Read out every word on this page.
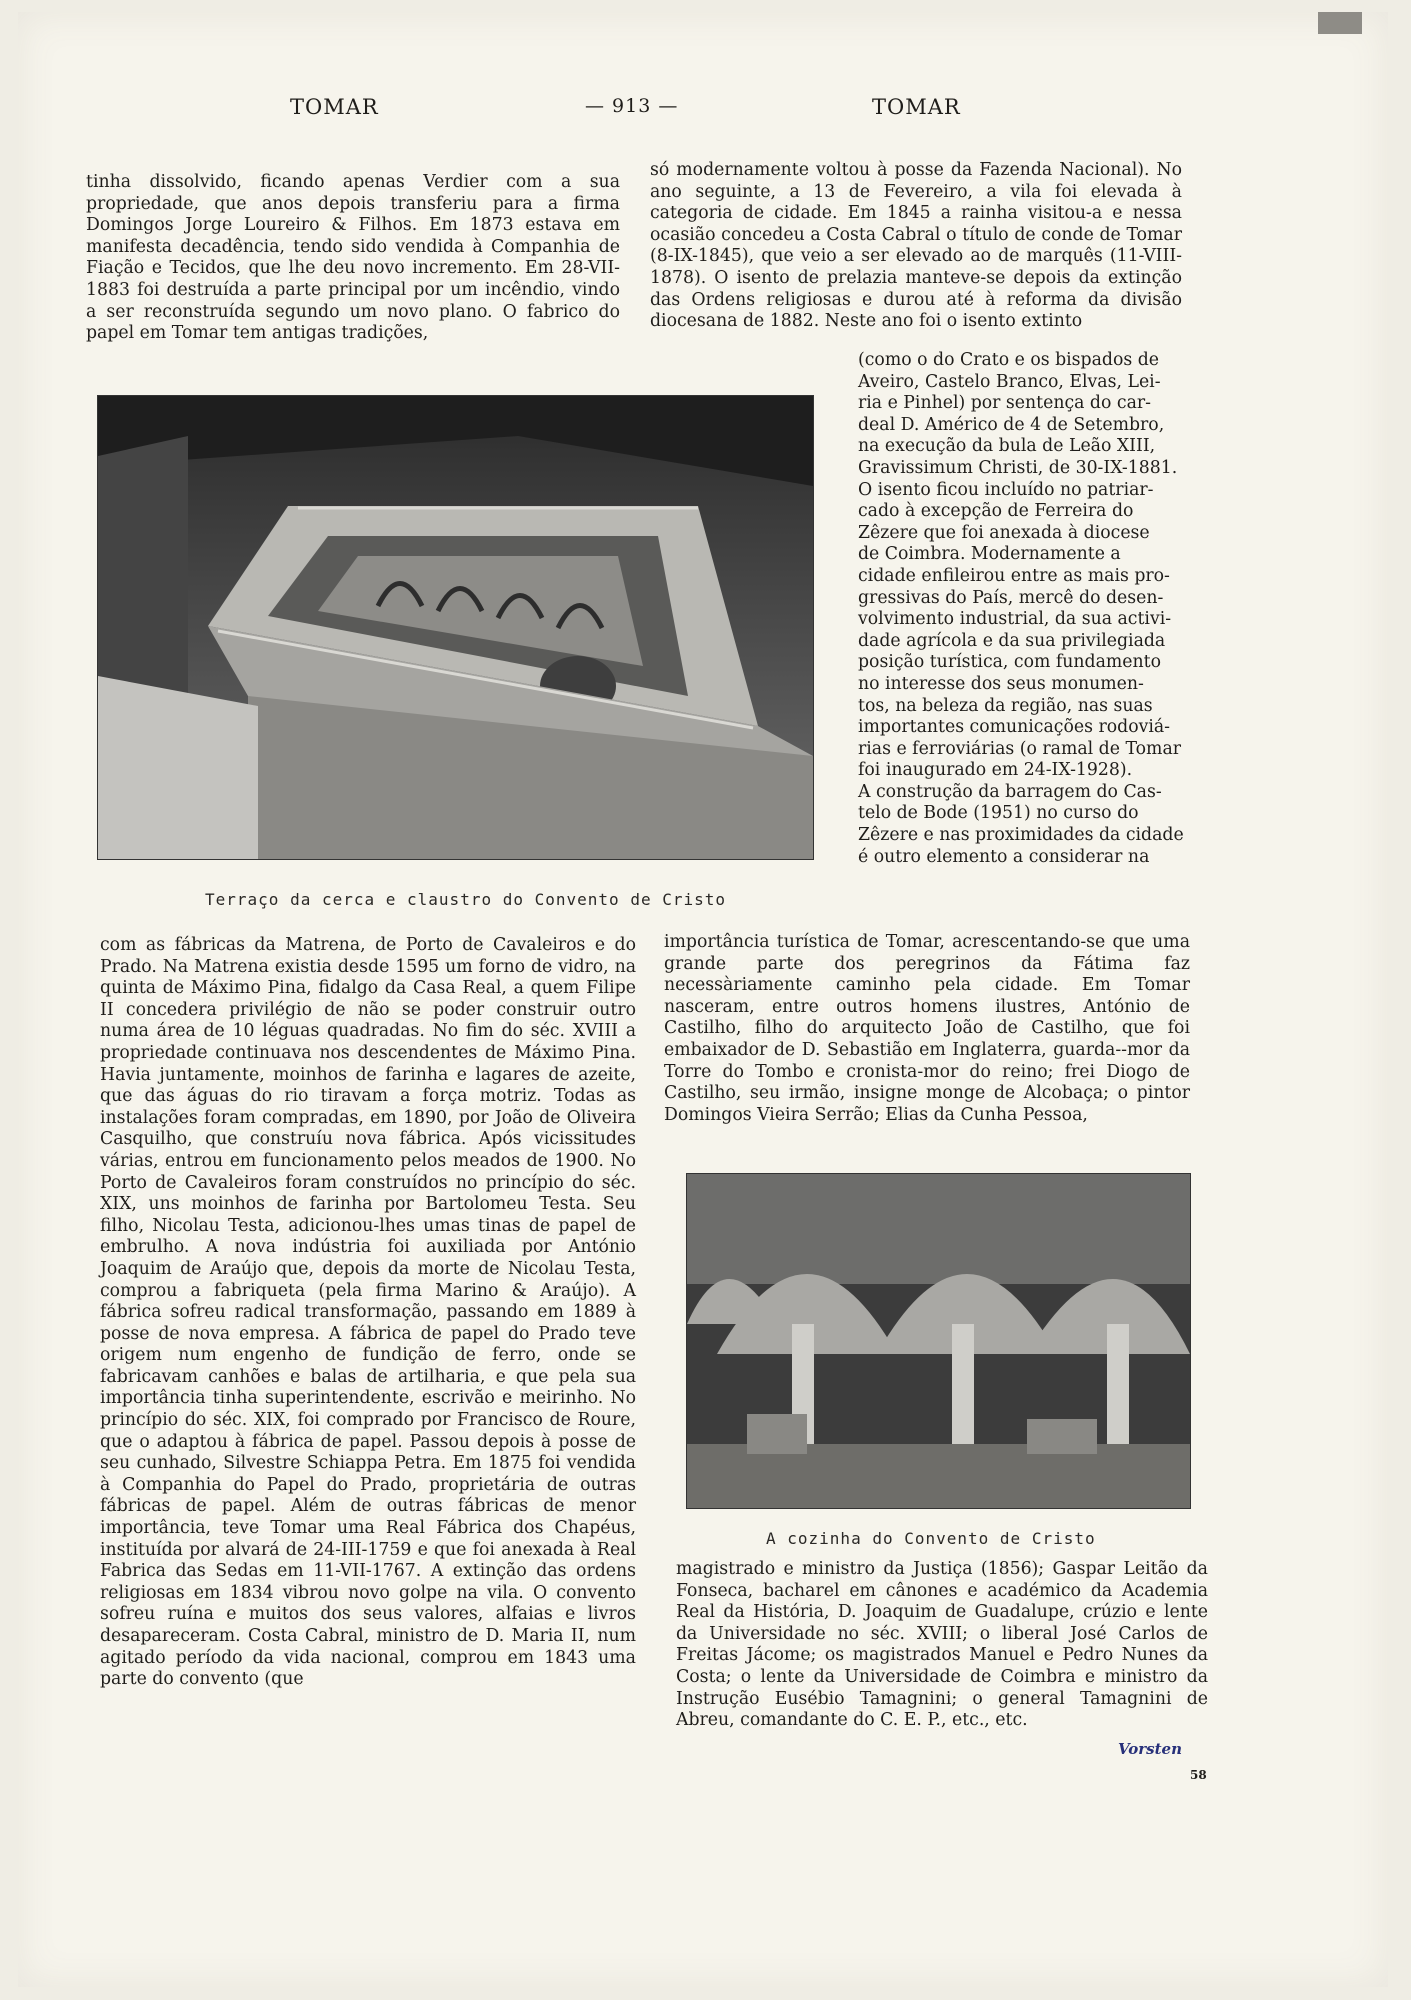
TOMAR	— 913 —	TOMAR

tinha dissolvido, ficando apenas Verdier com a sua propriedade, que anos depois transferiu para a firma Domingos Jorge Loureiro & Filhos. Em 1873 estava em manifesta decadência, tendo sido vendida à Companhia de Fiação e Tecidos, que lhe deu novo incremento. Em 28-VII-1883 foi destruída a parte principal por um incêndio, vindo a ser reconstruída segundo um novo plano. O fabrico do papel em Tomar tem antigas tradições,

só modernamente voltou à posse da Fazenda Nacional). No ano seguinte, a 13 de Fevereiro, a vila foi elevada à categoria de cidade. Em 1845 a rainha visitou-a e nessa ocasião concedeu a Costa Cabral o título de conde de Tomar (8-IX-1845), que veio a ser elevado ao de marquês (11-VIII-1878). O isento de prelazia manteve-se depois da extinção das Ordens religiosas e durou até à reforma da divisão diocesana de 1882. Neste ano foi o isento extinto

(como o do Crato e os bispados de
Aveiro, Castelo Branco, Elvas, Lei-
ria e Pinhel) por sentença do car-
deal D. Américo de 4 de Setembro,
na execução da bula de Leão XIII,
Gravissimum Christi, de 30-IX-1881.
O isento ficou incluído no patriar-
cado à excepção de Ferreira do
Zêzere que foi anexada à diocese
de Coimbra. Modernamente a
cidade enfileirou entre as mais pro-
gressivas do País, mercê do desen-
volvimento industrial, da sua activi-
dade agrícola e da sua privilegiada
posição turística, com fundamento
no interesse dos seus monumen-
tos, na beleza da região, nas suas
importantes comunicações rodoviá-
rias e ferroviárias (o ramal de Tomar
foi inaugurado em 24-IX-1928).
A construção da barragem do Cas-
telo de Bode (1951) no curso do
Zêzere e nas proximidades da cidade
é outro elemento a considerar na

Terraço da cerca e claustro do Convento de Cristo

com as fábricas da Matrena, de Porto de Cavaleiros e do Prado. Na Matrena existia desde 1595 um forno de vidro, na quinta de Máximo Pina, fidalgo da Casa Real, a quem Filipe II concedera privilégio de não se poder construir outro numa área de 10 léguas quadradas. No fim do séc. XVIII a propriedade continuava nos descendentes de Máximo Pina. Havia juntamente, moinhos de farinha e lagares de azeite, que das águas do rio tiravam a força motriz. Todas as instalações foram compradas, em 1890, por João de Oliveira Casquilho, que construíu nova fábrica. Após vicissitudes várias, entrou em funcionamento pelos meados de 1900. No Porto de Cavaleiros foram construídos no princípio do séc. XIX, uns moinhos de farinha por Bartolomeu Testa. Seu filho, Nicolau Testa, adicionou-lhes umas tinas de papel de embrulho. A nova indústria foi auxiliada por António Joaquim de Araújo que, depois da morte de Nicolau Testa, comprou a fabriqueta (pela firma Marino & Araújo). A fábrica sofreu radical transformação, passando em 1889 à posse de nova empresa. A fábrica de papel do Prado teve origem num engenho de fundição de ferro, onde se fabricavam canhões e balas de artilharia, e que pela sua importância tinha superintendente, escrivão e meirinho. No princípio do séc. XIX, foi comprado por Francisco de Roure, que o adaptou à fábrica de papel. Passou depois à posse de seu cunhado, Silvestre Schiappa Petra. Em 1875 foi vendida à Companhia do Papel do Prado, proprietária de outras fábricas de papel. Além de outras fábricas de menor importância, teve Tomar uma Real Fábrica dos Chapéus, instituída por alvará de 24-III-1759 e que foi anexada à Real Fabrica das Sedas em 11-VII-1767. A extinção das ordens religiosas em 1834 vibrou novo golpe na vila. O convento sofreu ruína e muitos dos seus valores, alfaias e livros desapareceram. Costa Cabral, ministro de D. Maria II, num agitado período da vida nacional, comprou em 1843 uma parte do convento (que

importância turística de Tomar, acrescentando-se que uma grande parte dos peregrinos da Fátima faz necessàriamente caminho pela cidade. Em Tomar nasceram, entre outros homens ilustres, António de Castilho, filho do arquitecto João de Castilho, que foi embaixador de D. Sebastião em Inglaterra, guarda--mor da Torre do Tombo e cronista-mor do reino; frei Diogo de Castilho, seu irmão, insigne monge de Alcobaça; o pintor Domingos Vieira Serrão; Elias da Cunha Pessoa,

A cozinha do Convento de Cristo

magistrado e ministro da Justiça (1856); Gaspar Leitão da Fonseca, bacharel em cânones e académico da Academia Real da História, D. Joaquim de Guadalupe, crúzio e lente da Universidade no séc. XVIII; o liberal José Carlos de Freitas Jácome; os magistrados Manuel e Pedro Nunes da Costa; o lente da Universidade de Coimbra e ministro da Instrução Eusébio Tamagnini; o general Tamagnini de Abreu, comandante do C. E. P., etc., etc.

Vorsten
58
